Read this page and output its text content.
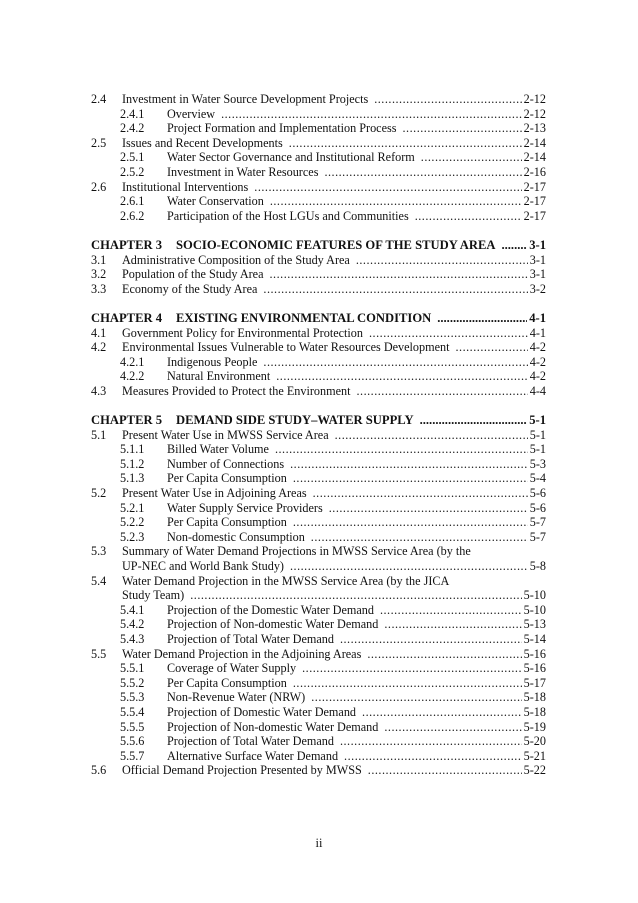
2.4	Investment in Water Source Development Projects .....	2-12
2.4.1	Overview .....	2-12
2.4.2	Project Formation and Implementation Process .....	2-13
2.5	Issues and Recent Developments .....	2-14
2.5.1	Water Sector Governance and Institutional Reform .....	2-14
2.5.2	Investment in Water Resources .....	2-16
2.6	Institutional Interventions .....	2-17
2.6.1	Water Conservation .....	2-17
2.6.2	Participation of the Host LGUs and Communities .....	2-17
CHAPTER 3 SOCIO-ECONOMIC FEATURES OF THE STUDY AREA .....	3-1
3.1	Administrative Composition of the Study Area .....	3-1
3.2	Population of the Study Area .....	3-1
3.3	Economy of the Study Area .....	3-2
CHAPTER 4 EXISTING ENVIRONMENTAL CONDITION .....	4-1
4.1	Government Policy for Environmental Protection .....	4-1
4.2	Environmental Issues Vulnerable to Water Resources Development .....	4-2
4.2.1	Indigenous People .....	4-2
4.2.2	Natural Environment .....	4-2
4.3	Measures Provided to Protect the Environment .....	4-4
CHAPTER 5 DEMAND SIDE STUDY–WATER SUPPLY .....	5-1
5.1	Present Water Use in MWSS Service Area .....	5-1
5.1.1	Billed Water Volume .....	5-1
5.1.2	Number of Connections .....	5-3
5.1.3	Per Capita Consumption .....	5-4
5.2	Present Water Use in Adjoining Areas .....	5-6
5.2.1	Water Supply Service Providers .....	5-6
5.2.2	Per Capita Consumption .....	5-7
5.2.3	Non-domestic Consumption .....	5-7
5.3	Summary of Water Demand Projections in MWSS Service Area (by the
UP-NEC and World Bank Study) .....	5-8
5.4	Water Demand Projection in the MWSS Service Area (by the JICA
Study Team) .....	5-10
5.4.1	Projection of the Domestic Water Demand .....	5-10
5.4.2	Projection of Non-domestic Water Demand .....	5-13
5.4.3	Projection of Total Water Demand .....	5-14
5.5	Water Demand Projection in the Adjoining Areas .....	5-16
5.5.1	Coverage of Water Supply .....	5-16
5.5.2	Per Capita Consumption .....	5-17
5.5.3	Non-Revenue Water (NRW) .....	5-18
5.5.4	Projection of Domestic Water Demand .....	5-18
5.5.5	Projection of Non-domestic Water Demand .....	5-19
5.5.6	Projection of Total Water Demand .....	5-20
5.5.7	Alternative Surface Water Demand .....	5-21
5.6	Official Demand Projection Presented by MWSS .....	5-22
ii
